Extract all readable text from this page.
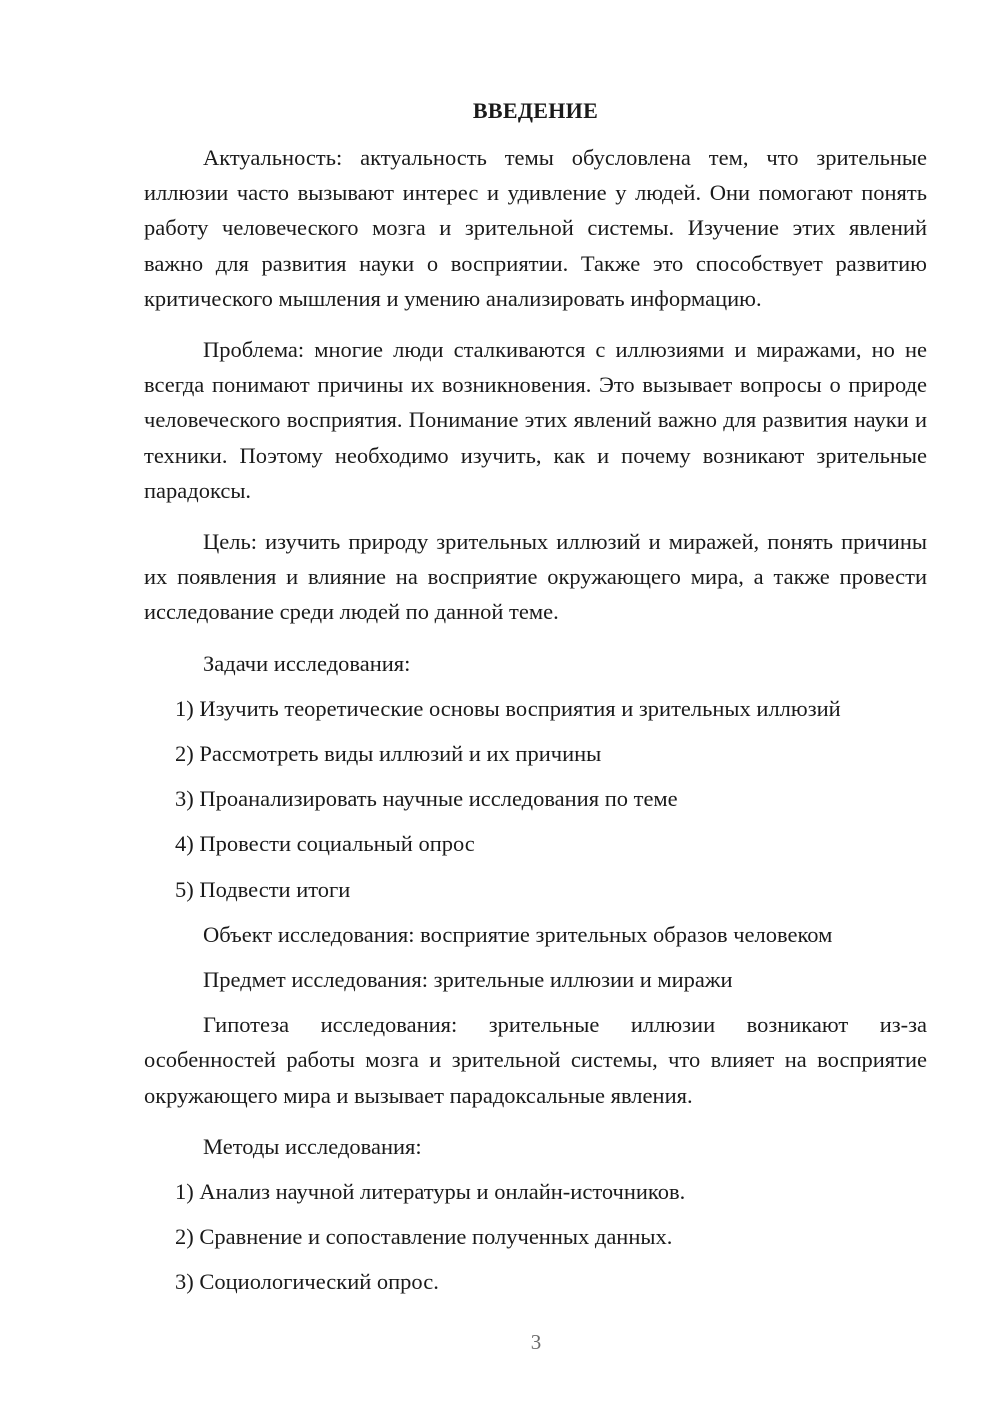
ВВЕДЕНИЕ

Актуальность: актуальность темы обусловлена тем, что зрительные иллюзии часто вызывают интерес и удивление у людей. Они помогают понять работу человеческого мозга и зрительной системы. Изучение этих явлений важно для развития науки о восприятии. Также это способствует развитию критического мышления и умению анализировать информацию.

Проблема: многие люди сталкиваются с иллюзиями и миражами, но не всегда понимают причины их возникновения. Это вызывает вопросы о природе человеческого восприятия. Понимание этих явлений важно для развития науки и техники. Поэтому необходимо изучить, как и почему возникают зрительные парадоксы.

Цель: изучить природу зрительных иллюзий и миражей, понять причины их появления и влияние на восприятие окружающего мира, а также провести исследование среди людей по данной теме.

Задачи исследования:

1) Изучить теоретические основы восприятия и зрительных иллюзий

2) Рассмотреть виды иллюзий и их причины

3) Проанализировать научные исследования по теме

4) Провести социальный опрос

5) Подвести итоги

Объект исследования: восприятие зрительных образов человеком

Предмет исследования: зрительные иллюзии и миражи

Гипотеза исследования: зрительные иллюзии возникают из-за особенностей работы мозга и зрительной системы, что влияет на восприятие окружающего мира и вызывает парадоксальные явления.

Методы исследования:

1) Анализ научной литературы и онлайн-источников.

2) Сравнение и сопоставление полученных данных.

3) Социологический опрос.

3
